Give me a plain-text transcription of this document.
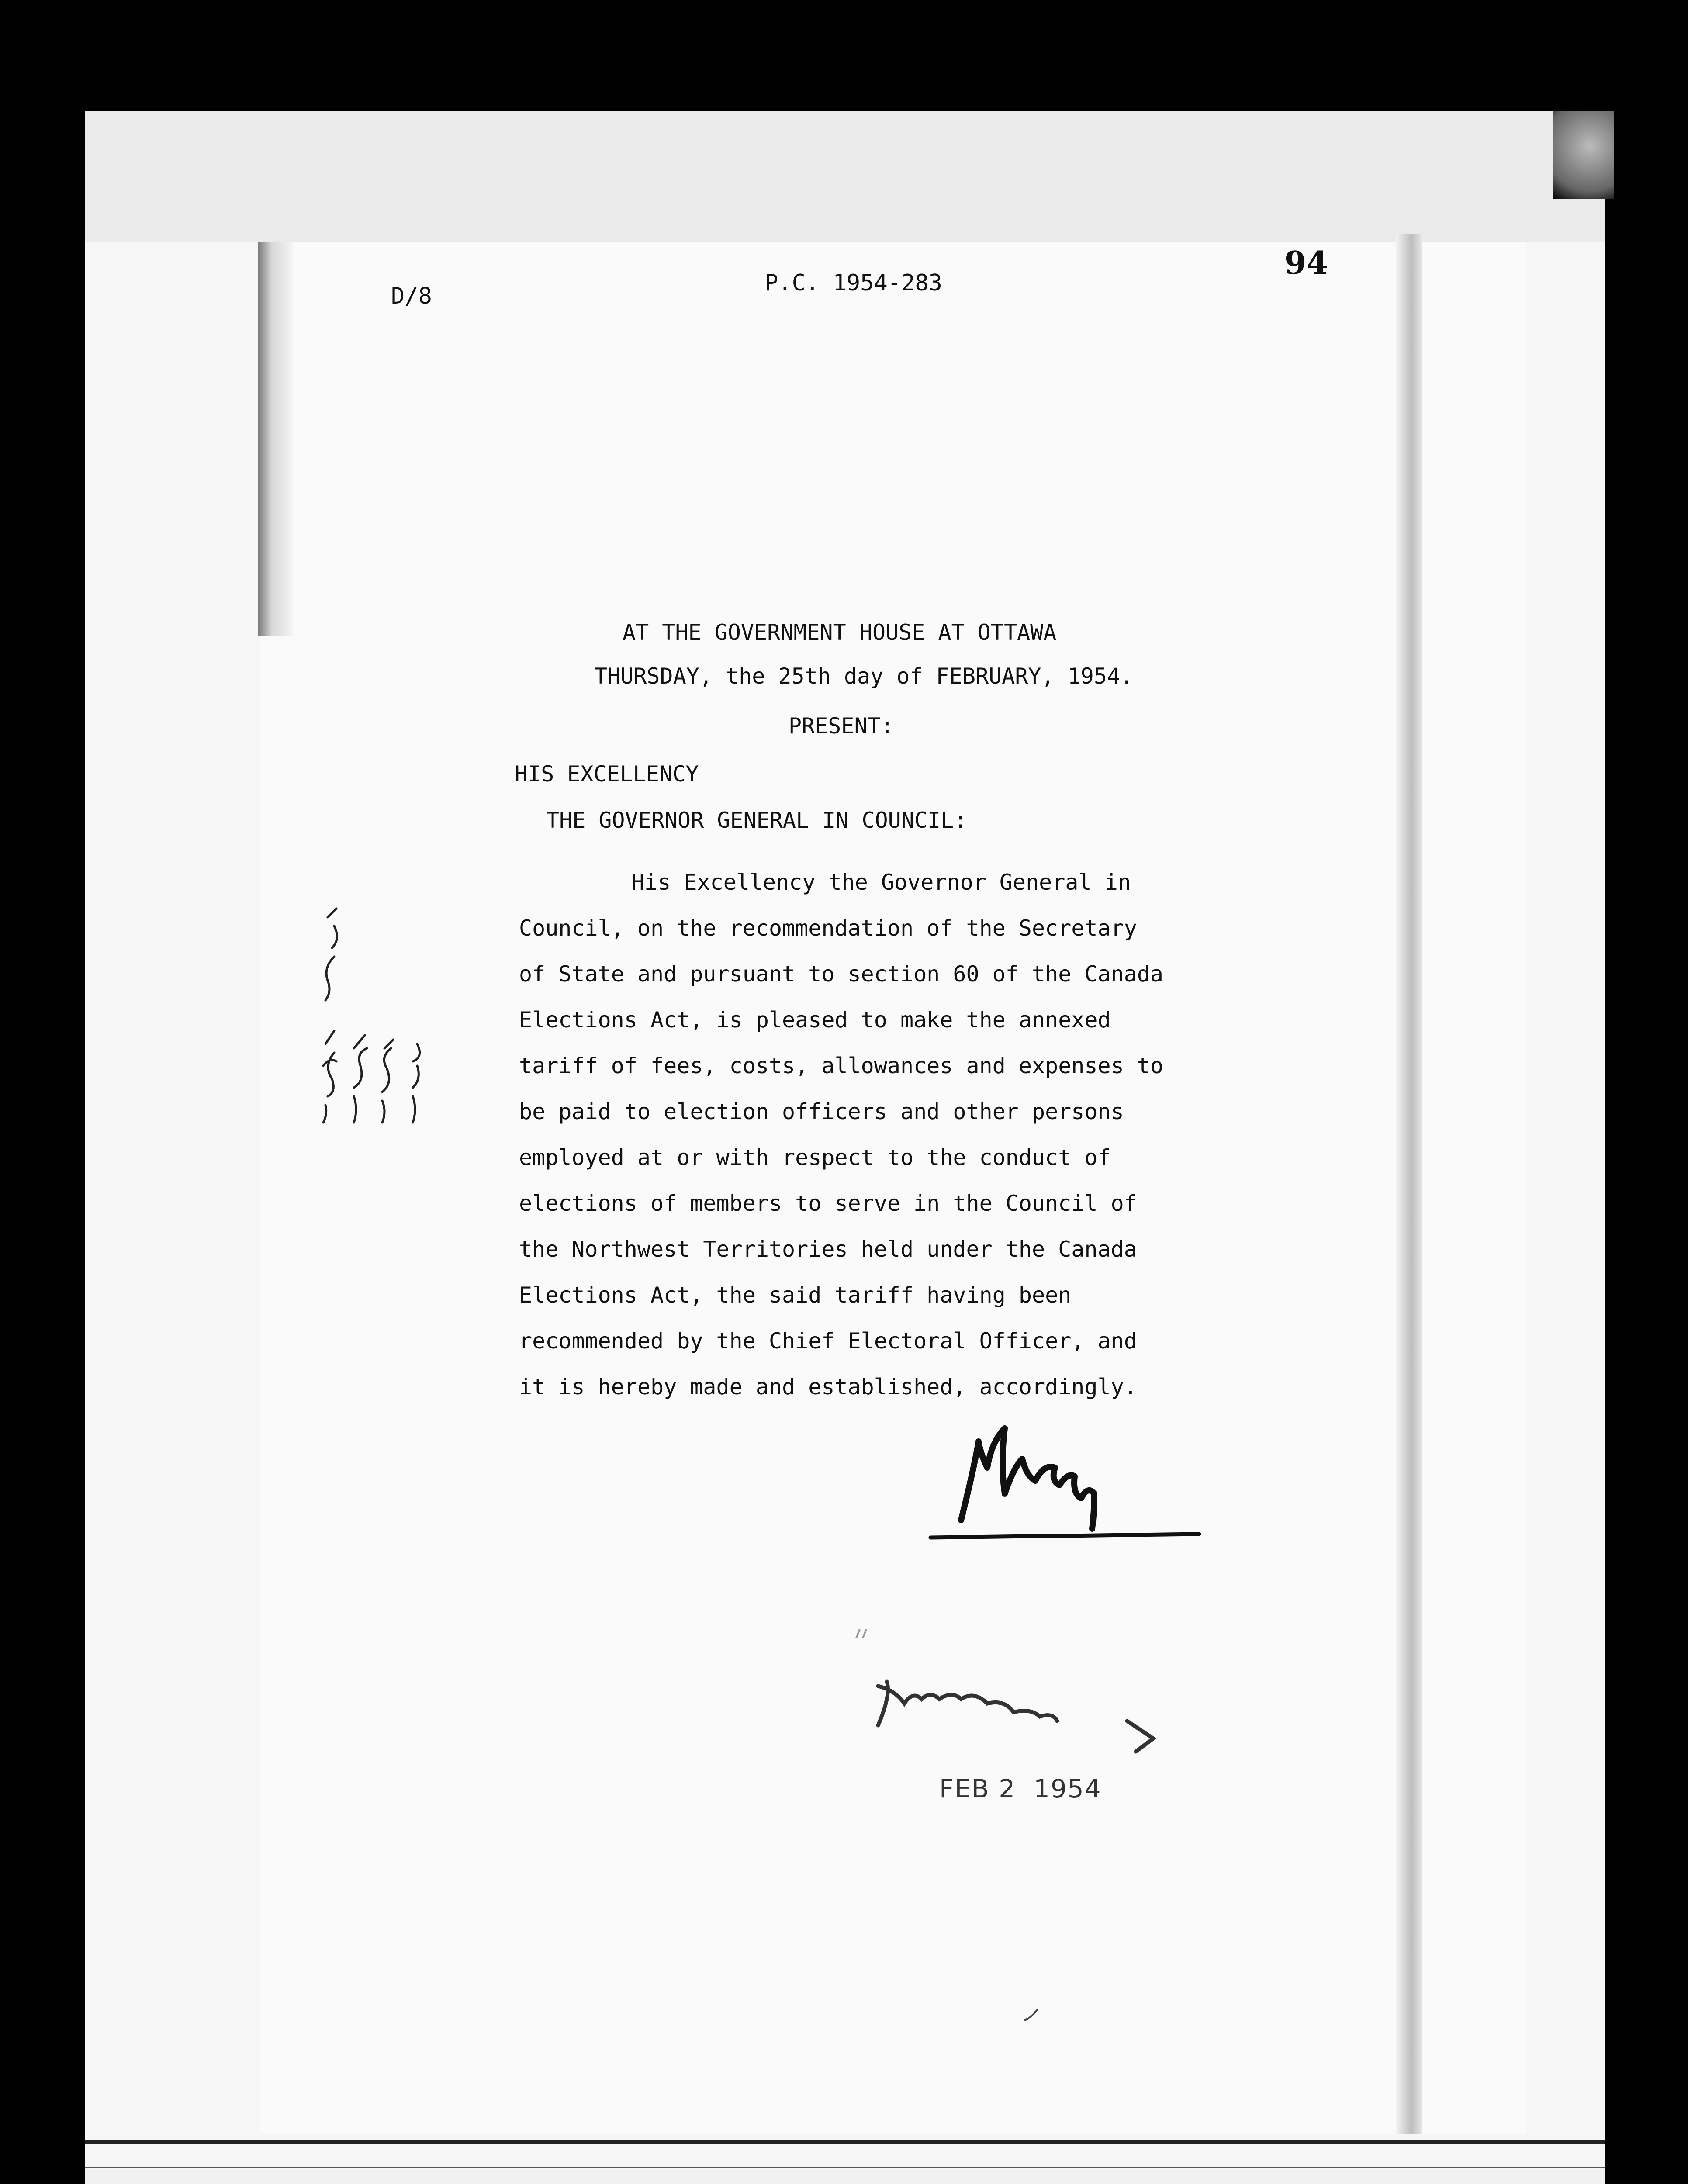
D/8	P.C. 1954-283
94
AT THE GOVERNMENT HOUSE AT OTTAWA
THURSDAY, the 25th day of FEBRUARY, 1954.
PRESENT:
HIS EXCELLENCY
THE GOVERNOR GENERAL IN COUNCIL:
His Excellency the Governor General in
Council, on the recommendation of the Secretary
of State and pursuant to section 60 of the Canada
Elections Act, is pleased to make the annexed
tariff of fees, costs, allowances and expenses to
be paid to election officers and other persons
employed at or with respect to the conduct of
elections of members to serve in the Council of
the Northwest Territories held under the Canada
Elections Act, the said tariff having been
recommended by the Chief Electoral Officer, and
it is hereby made and established, accordingly.
FEB 2  1954
